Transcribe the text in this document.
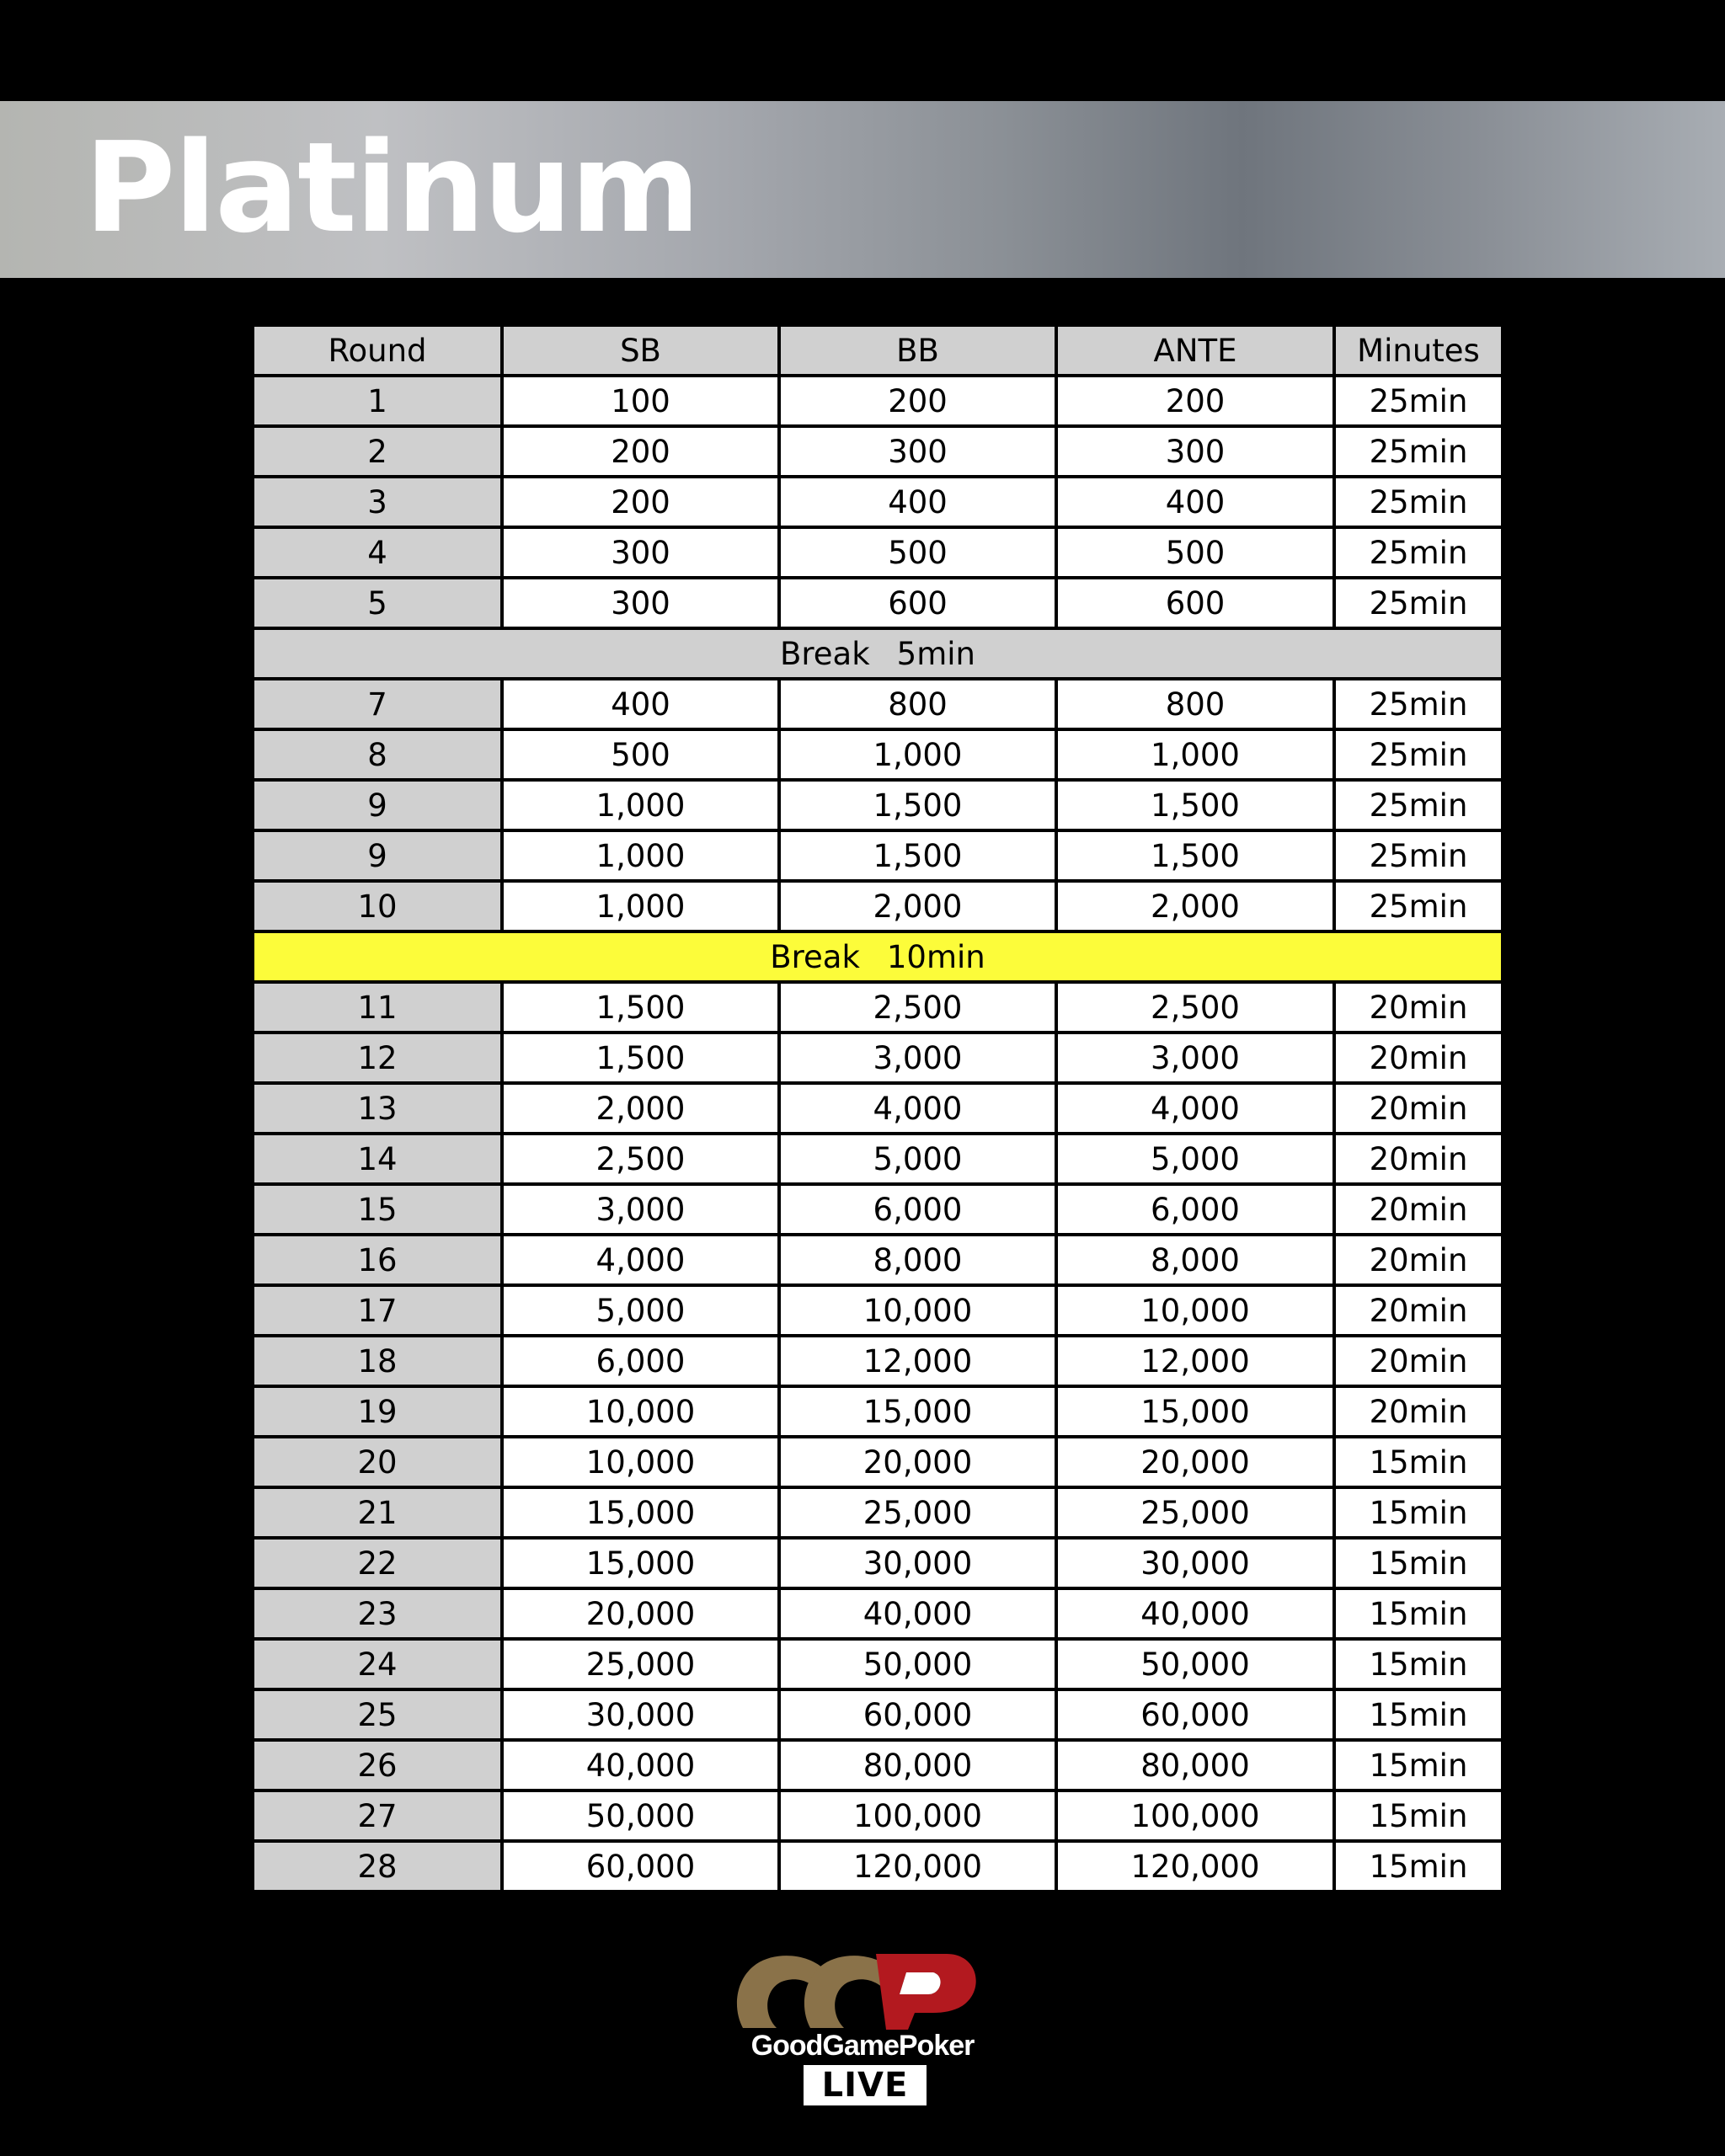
Platinum
Round	SB	BB	ANTE	Minutes
1	100	200	200	25min
2	200	300	300	25min
3	200	400	400	25min
4	300	500	500	25min
5	300	600	600	25min
Break 5min				
7	400	800	800	25min
8	500	1,000	1,000	25min
9	1,000	1,500	1,500	25min
9	1,000	1,500	1,500	25min
10	1,000	2,000	2,000	25min
Break 10min				
11	1,500	2,500	2,500	20min
12	1,500	3,000	3,000	20min
13	2,000	4,000	4,000	20min
14	2,500	5,000	5,000	20min
15	3,000	6,000	6,000	20min
16	4,000	8,000	8,000	20min
17	5,000	10,000	10,000	20min
18	6,000	12,000	12,000	20min
19	10,000	15,000	15,000	20min
20	10,000	20,000	20,000	15min
21	15,000	25,000	25,000	15min
22	15,000	30,000	30,000	15min
23	20,000	40,000	40,000	15min
24	25,000	50,000	50,000	15min
25	30,000	60,000	60,000	15min
26	40,000	80,000	80,000	15min
27	50,000	100,000	100,000	15min
28	60,000	120,000	120,000	15min
GoodGamePoker
LIVE
